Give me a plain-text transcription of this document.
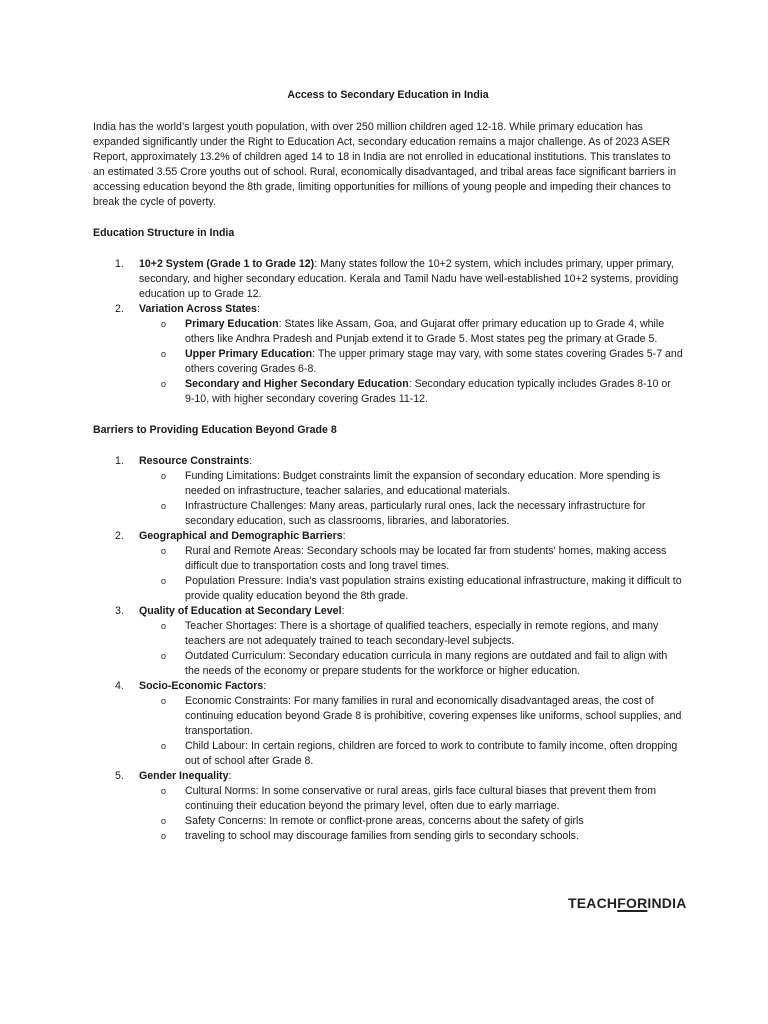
Access to Secondary Education in India

India has the world’s largest youth population, with over 250 million children aged 12-18. While primary education has expanded significantly under the Right to Education Act, secondary education remains a major challenge. As of 2023 ASER Report, approximately 13.2% of children aged 14 to 18 in India are not enrolled in educational institutions. This translates to an estimated 3.55 Crore youths out of school. Rural, economically disadvantaged, and tribal areas face significant barriers in accessing education beyond the 8th grade, limiting opportunities for millions of young people and impeding their chances to break the cycle of poverty.

Education Structure in India

1. 10+2 System (Grade 1 to Grade 12): Many states follow the 10+2 system, which includes primary, upper primary, secondary, and higher secondary education. Kerala and Tamil Nadu have well-established 10+2 systems, providing education up to Grade 12.
2. Variation Across States:
o Primary Education: States like Assam, Goa, and Gujarat offer primary education up to Grade 4, while others like Andhra Pradesh and Punjab extend it to Grade 5. Most states peg the primary at Grade 5.
o Upper Primary Education: The upper primary stage may vary, with some states covering Grades 5-7 and others covering Grades 6-8.
o Secondary and Higher Secondary Education: Secondary education typically includes Grades 8-10 or 9-10, with higher secondary covering Grades 11-12.

Barriers to Providing Education Beyond Grade 8

1. Resource Constraints:
o Funding Limitations: Budget constraints limit the expansion of secondary education. More spending is needed on infrastructure, teacher salaries, and educational materials.
o Infrastructure Challenges: Many areas, particularly rural ones, lack the necessary infrastructure for secondary education, such as classrooms, libraries, and laboratories.
2. Geographical and Demographic Barriers:
o Rural and Remote Areas: Secondary schools may be located far from students' homes, making access difficult due to transportation costs and long travel times.
o Population Pressure: India’s vast population strains existing educational infrastructure, making it difficult to provide quality education beyond the 8th grade.
3. Quality of Education at Secondary Level:
o Teacher Shortages: There is a shortage of qualified teachers, especially in remote regions, and many teachers are not adequately trained to teach secondary-level subjects.
o Outdated Curriculum: Secondary education curricula in many regions are outdated and fail to align with the needs of the economy or prepare students for the workforce or higher education.
4. Socio-Economic Factors:
o Economic Constraints: For many families in rural and economically disadvantaged areas, the cost of continuing education beyond Grade 8 is prohibitive, covering expenses like uniforms, school supplies, and transportation.
o Child Labour: In certain regions, children are forced to work to contribute to family income, often dropping out of school after Grade 8.
5. Gender Inequality:
o Cultural Norms: In some conservative or rural areas, girls face cultural biases that prevent them from continuing their education beyond the primary level, often due to early marriage.
o Safety Concerns: In remote or conflict-prone areas, concerns about the safety of girls
o traveling to school may discourage families from sending girls to secondary schools.
TEACHFORINDIA
